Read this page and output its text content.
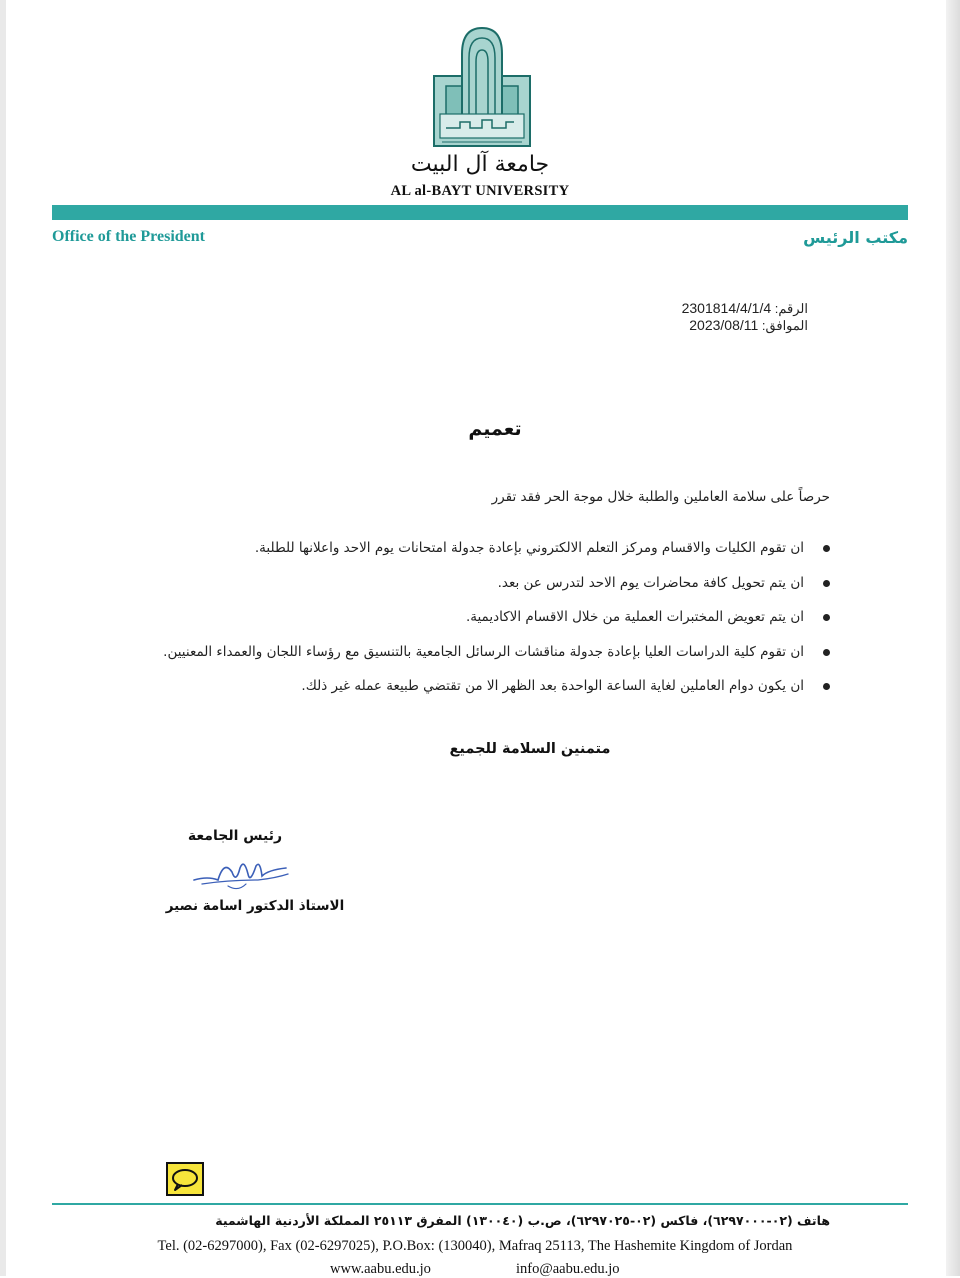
جامعة آل البيت
AL al-BAYT UNIVERSITY
Office of the President	مكتب الرئيس
الرقم: 2301814/4/1/4
الموافق: 2023/08/11
تعميم
حرصاً على سلامة العاملين والطلبة خلال موجة الحر فقد تقرر
ان تقوم الكليات والاقسام ومركز التعلم الالكتروني بإعادة جدولة امتحانات يوم الاحد واعلانها للطلبة.
ان يتم تحويل كافة محاضرات يوم الاحد لتدرس عن بعد.
ان يتم تعويض المختبرات العملية من خلال الاقسام الاكاديمية.
ان تقوم كلية الدراسات العليا بإعادة جدولة مناقشات الرسائل الجامعية بالتنسيق مع رؤساء اللجان والعمداء المعنيين.
ان يكون دوام العاملين لغاية الساعة الواحدة بعد الظهر الا من تقتضي طبيعة عمله غير ذلك.
متمنين السلامة للجميع
رئيس الجامعة
الاستاذ الدكتور اسامة نصير
هاتف (٠٢-٦٢٩٧٠٠٠)، فاكس (٠٢-٦٢٩٧٠٢٥)، ص.ب (١٣٠٠٤٠) المفرق ٢٥١١٣ المملكة الأردنية الهاشمية
Tel. (02-6297000), Fax (02-6297025), P.O.Box: (130040), Mafraq 25113, The Hashemite Kingdom of Jordan
www.aabu.edu.jo	info@aabu.edu.jo
